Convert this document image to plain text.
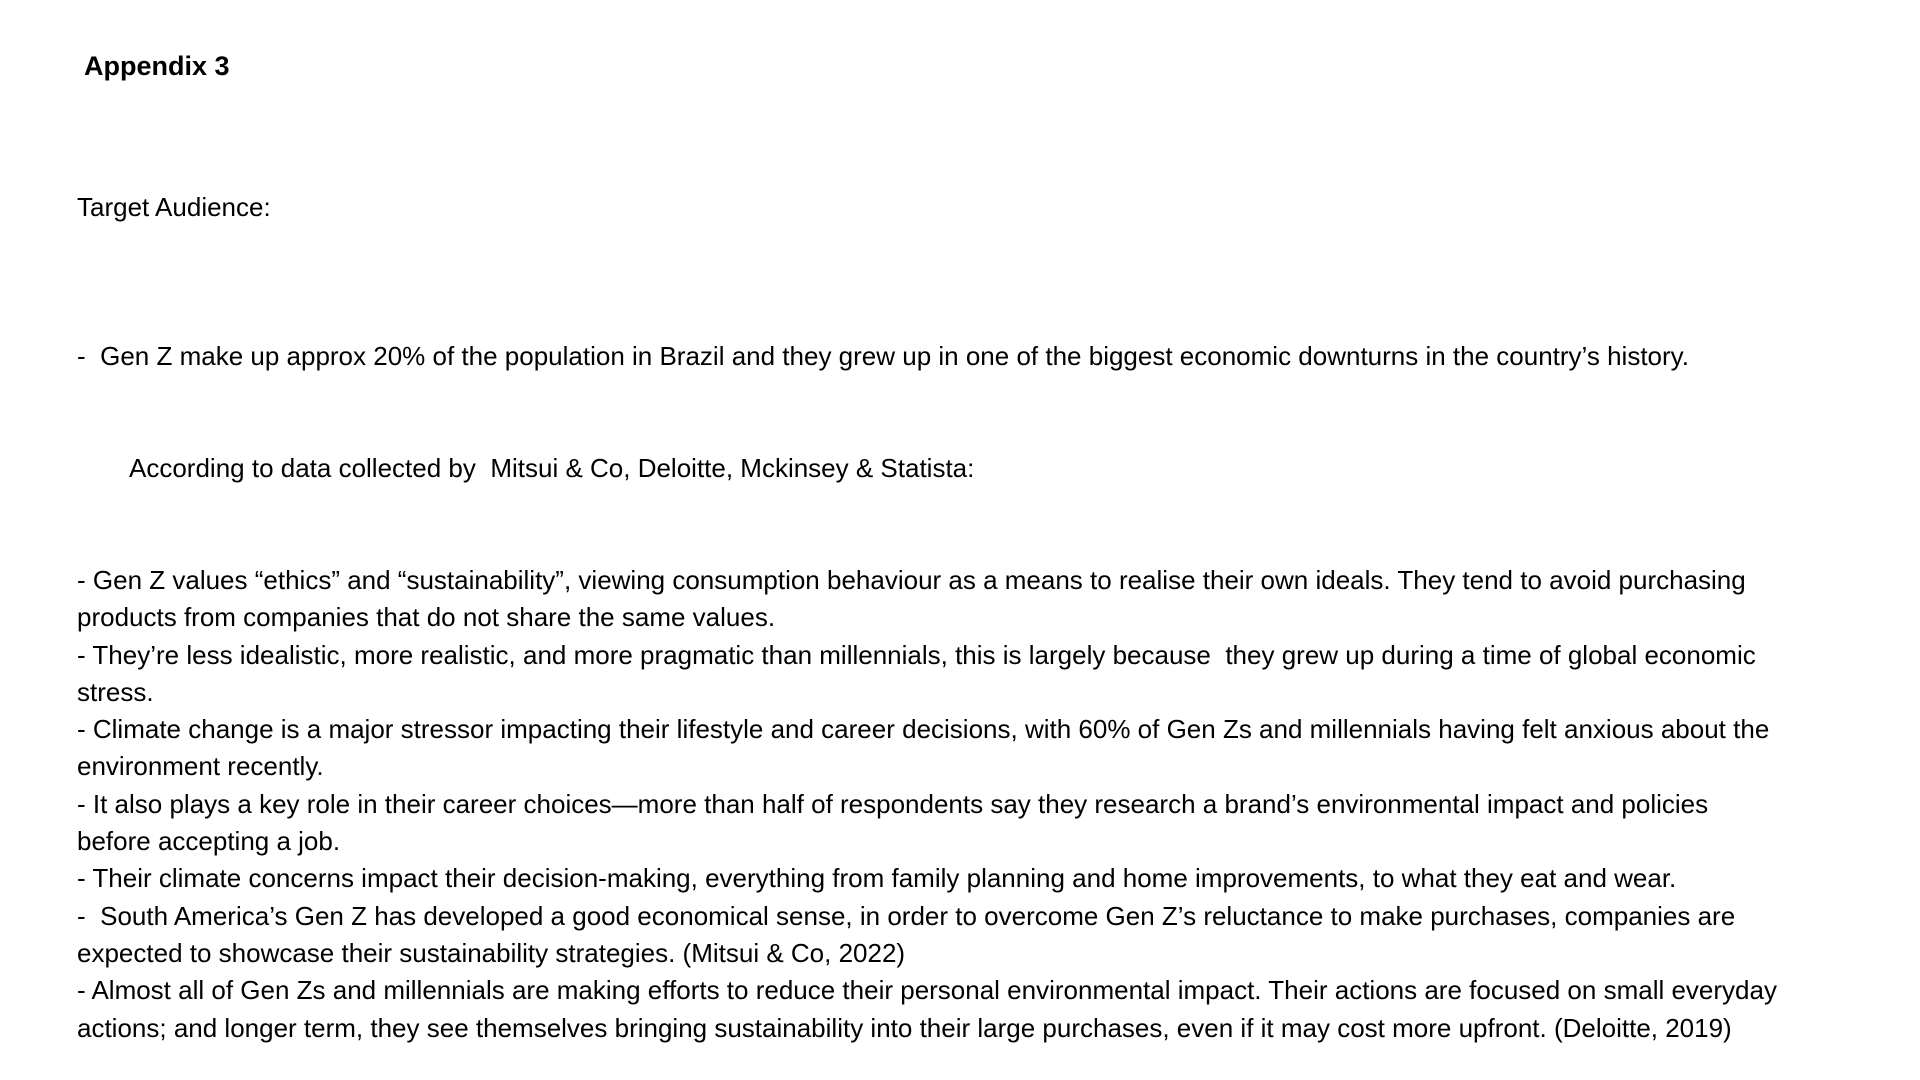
Appendix 3

Target Audience:

-  Gen Z make up approx 20% of the population in Brazil and they grew up in one of the biggest economic downturns in the country’s history.

According to data collected by  Mitsui & Co, Deloitte, Mckinsey & Statista:

- Gen Z values “ethics” and “sustainability”, viewing consumption behaviour as a means to realise their own ideals. They tend to avoid purchasing products from companies that do not share the same values.

- They’re less idealistic, more realistic, and more pragmatic than millennials, this is largely because  they grew up during a time of global economic stress.

- Climate change is a major stressor impacting their lifestyle and career decisions, with 60% of Gen Zs and millennials having felt anxious about the environment recently.

- It also plays a key role in their career choices—more than half of respondents say they research a brand’s environmental impact and policies before accepting a job.

- Their climate concerns impact their decision-making, everything from family planning and home improvements, to what they eat and wear.

-  South America’s Gen Z has developed a good economical sense, in order to overcome Gen Z’s reluctance to make purchases, companies are expected to showcase their sustainability strategies. (Mitsui & Co, 2022)

- Almost all of Gen Zs and millennials are making efforts to reduce their personal environmental impact. Their actions are focused on small everyday actions; and longer term, they see themselves bringing sustainability into their large purchases, even if it may cost more upfront. (Deloitte, 2019)
